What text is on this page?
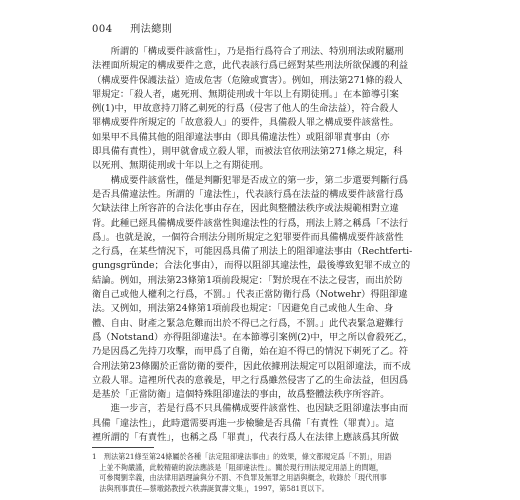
004 刑法總則
　　所謂的「構成要件該當性」，乃是指行爲符合了刑法、特別刑法或附屬刑
法裡面所規定的構成要件之意，此代表該行爲已經對某些刑法所欲保護的利益
（構成要件保護法益）造成危害（危險或實害）。例如，刑法第271條的殺人
罪規定：「殺人者，處死刑、無期徒刑或十年以上有期徒刑。」在本節導引案
例(1)中，甲故意持刀將乙刺死的行爲（侵害了他人的生命法益），符合殺人
罪構成要件所規定的「故意殺人」的要件，具備殺人罪之構成要件該當性。
如果甲不具備其他的阻卻違法事由（即具備違法性）或阻卻罪責事由（亦
即具備有責性），則甲就會成立殺人罪，而被法官依刑法第271條之規定，科
以死刑、無期徒刑或十年以上之有期徒刑。
　　構成要件該當性，僅是判斷犯罪是否成立的第一步，第二步還要判斷行爲
是否具備違法性。所謂的「違法性」，代表該行爲在法益的構成要件該當行爲
欠缺法律上所容許的合法化事由存在，因此與整體法秩序或法規範相對立違
背。此種已經具備構成要件該當性與違法性的行爲，刑法上將之稱爲「不法行
爲」。也就是說，一個符合刑法分則所規定之犯罪要件而具備構成要件該當性
之行爲，在某些情況下，可能因爲具備了刑法上的阻卻違法事由（Rechtferti-
gungsgründe；合法化事由），而得以阻卻其違法性，最後導致犯罪不成立的
結論。例如，刑法第23條第1項前段規定：「對於現在不法之侵害，而出於防
衛自己或他人權利之行爲，不罰。」代表正當防衛行爲（Notwehr）得阻卻違
法。又例如，刑法第24條第1項前段也規定：「因避免自己或他人生命、身
體、自由、財產之緊急危難而出於不得已之行爲，不罰。」此代表緊急避難行
爲（Notstand）亦得阻卻違法¹。在本節導引案例(2)中，甲之所以會殺死乙，
乃是因爲乙先持刀攻擊，而甲爲了自衛，始在迫不得已的情況下刺死了乙。符
合刑法第23條關於正當防衛的要件，因此依據刑法規定可以阻卻違法，而不成
立殺人罪。這裡所代表的意義是，甲之行爲雖然侵害了乙的生命法益，但因爲
是基於「正當防衛」這個特殊阻卻違法的事由，故爲整體法秩序所容許。
　　進一步言，若是行爲不只具備構成要件該當性、也因缺乏阻卻違法事由而
具備「違法性」，此時還需要再進一步檢驗是否具備「有責性（罪責）」。這
裡所謂的「有責性」，也稱之爲「罪責」，代表行爲人在法律上應該爲其所做
1　刑法第21條至第24條屬於各種「法定阻卻違法事由」的效果，條文都規定爲「不罰」，用語
　上並不夠嚴謹，此較精確的說法應該是「阻卻違法性」。關於現行刑法規定用語上的問題，
　可參閱劉幸義，由法律用語理論與分不罰、不負罪及無罪之用語與概念，收錄於「現代刑事
　法與刑事責任—蔡墩銘教授六秩壽誕賀壽文集」，1997，第581頁以下。
